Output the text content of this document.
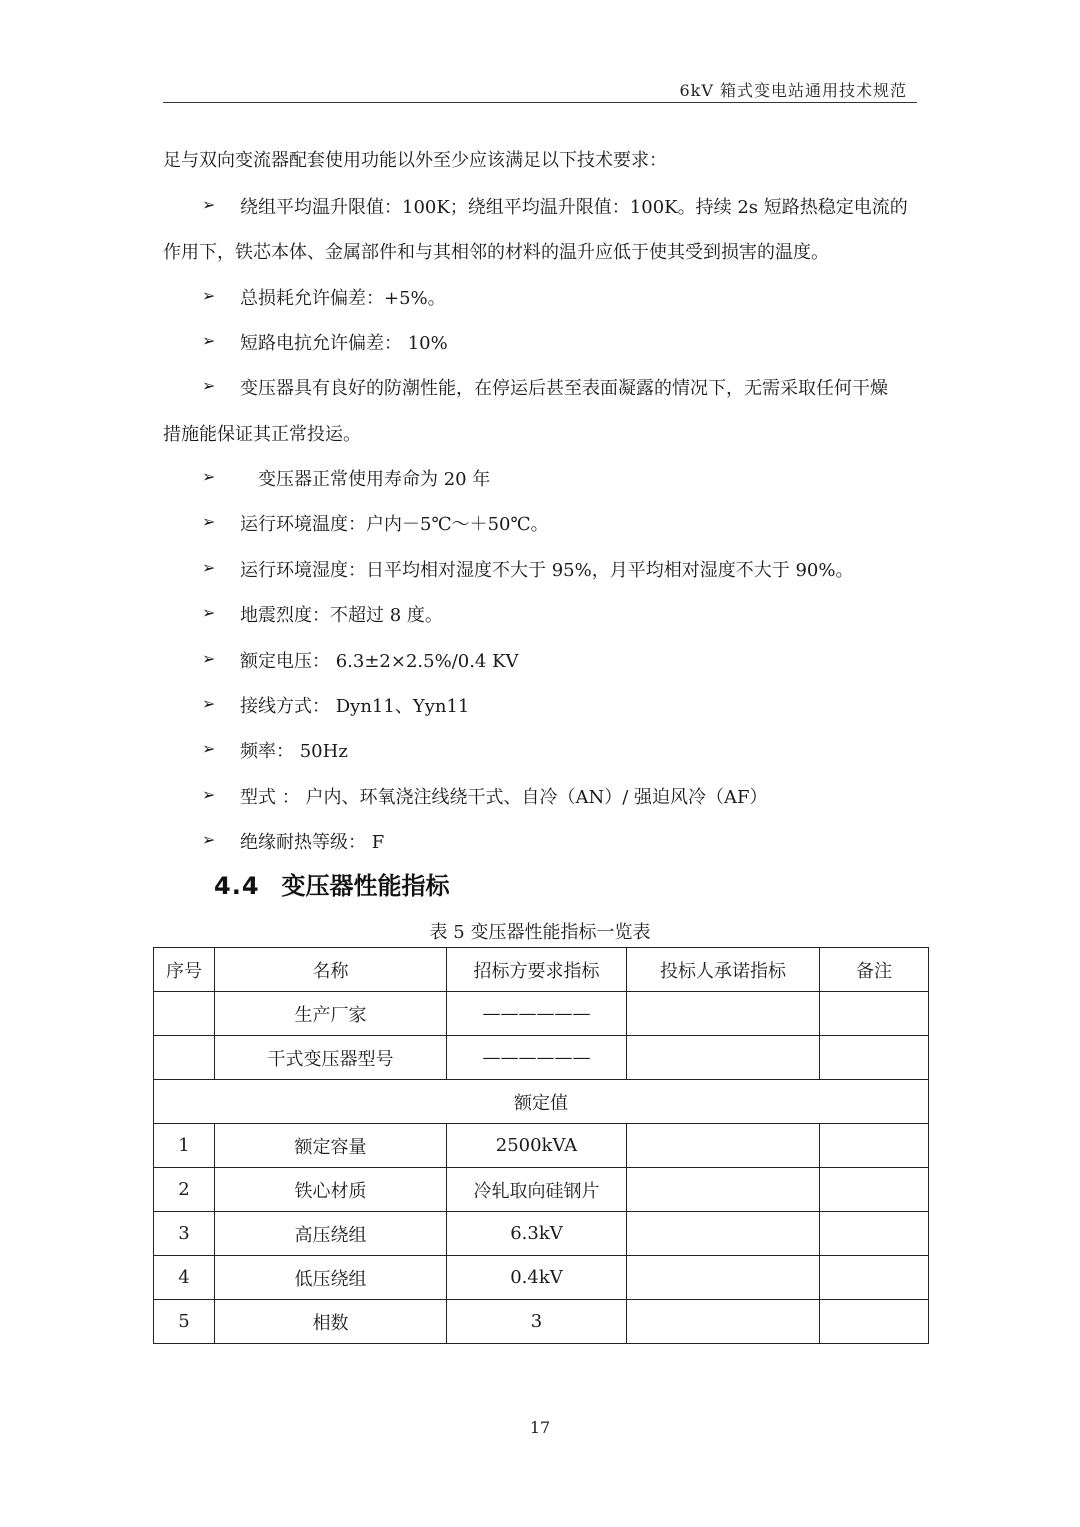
6kV 箱式变电站通用技术规范
足与双向变流器配套使用功能以外至少应该满足以下技术要求：
➢ 绕组平均温升限值：100K；绕组平均温升限值：100K。持续 2s 短路热稳定电流的
作用下，铁芯本体、金属部件和与其相邻的材料的温升应低于使其受到损害的温度。
➢ 总损耗允许偏差：+5%。
➢ 短路电抗允许偏差： 10%
➢ 变压器具有良好的防潮性能，在停运后甚至表面凝露的情况下，无需采取任何干燥
措施能保证其正常投运。
➢ 变压器正常使用寿命为 20 年
➢ 运行环境温度：户内－5℃～＋50℃。
➢ 运行环境湿度：日平均相对湿度不大于 95%，月平均相对湿度不大于 90%。
➢ 地震烈度：不超过 8 度。
➢ 额定电压： 6.3±2×2.5%/0.4 KV
➢ 接线方式： Dyn11、Yyn11
➢ 频率： 50Hz
➢ 型式 ： 户内、环氧浇注线绕干式、自冷（AN）/ 强迫风冷（AF）
➢ 绝缘耐热等级： F
4.4 变压器性能指标
表 5 变压器性能指标一览表
序号	名称	招标方要求指标	投标人承诺指标	备注
	生产厂家	——————		
	干式变压器型号	——————		
额定值				
1	额定容量	2500kVA		
2	铁心材质	冷轧取向硅钢片		
3	高压绕组	6.3kV		
4	低压绕组	0.4kV		
5	相数	3		
17
